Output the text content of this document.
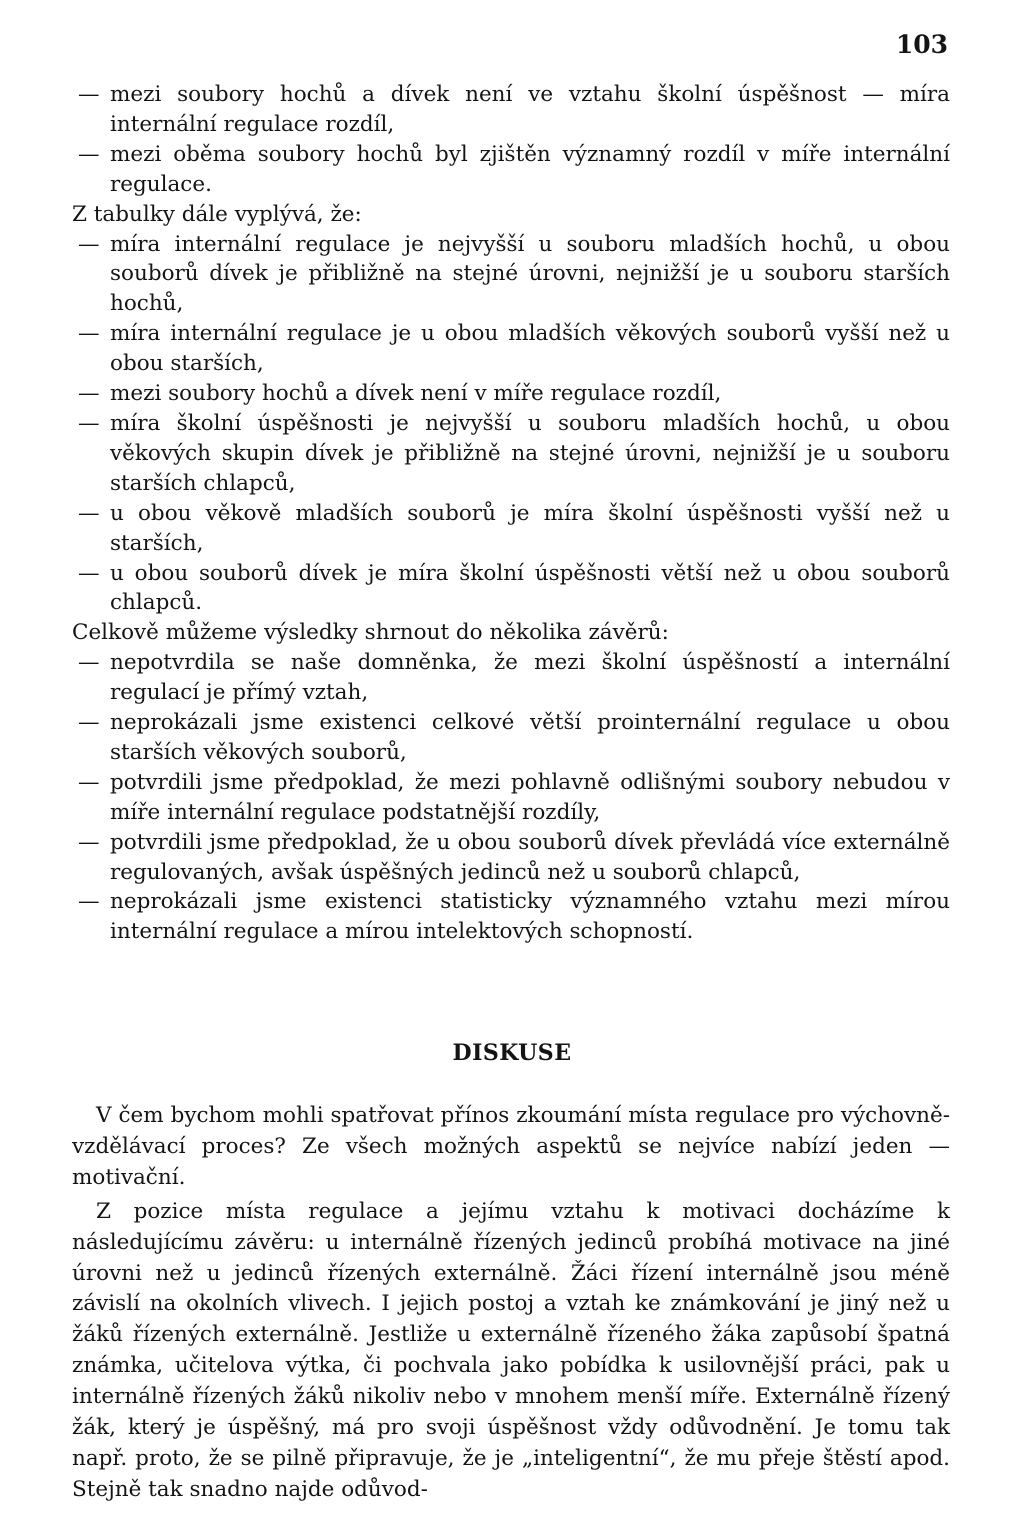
103
— mezi soubory hochů a dívek není ve vztahu školní úspěšnost — míra internální regulace rozdíl,
— mezi oběma soubory hochů byl zjištěn významný rozdíl v míře internální regulace.

Z tabulky dále vyplývá, že:

— míra internální regulace je nejvyšší u souboru mladších hochů, u obou souborů dívek je přibližně na stejné úrovni, nejnižší je u souboru starších hochů,
— míra internální regulace je u obou mladších věkových souborů vyšší než u obou starších,
— mezi soubory hochů a dívek není v míře regulace rozdíl,
— míra školní úspěšnosti je nejvyšší u souboru mladších hochů, u obou věkových skupin dívek je přibližně na stejné úrovni, nejnižší je u souboru starších chlapců,
— u obou věkově mladších souborů je míra školní úspěšnosti vyšší než u starších,
— u obou souborů dívek je míra školní úspěšnosti větší než u obou souborů chlapců.

Celkově můžeme výsledky shrnout do několika závěrů:

— nepotvrdila se naše domněnka, že mezi školní úspěšností a internální regulací je přímý vztah,
— neprokázali jsme existenci celkové větší prointernální regulace u obou starších věkových souborů,
— potvrdili jsme předpoklad, že mezi pohlavně odlišnými soubory nebudou v míře internální regulace podstatnější rozdíly,
— potvrdili jsme předpoklad, že u obou souborů dívek převládá více externálně regulovaných, avšak úspěšných jedinců než u souborů chlapců,
— neprokázali jsme existenci statisticky významného vztahu mezi mírou internální regulace a mírou intelektových schopností.
DISKUSE

V čem bychom mohli spatřovat přínos zkoumání místa regulace pro výchovně-vzdělávací proces? Ze všech možných aspektů se nejvíce nabízí jeden — motivační.

Z pozice místa regulace a jejímu vztahu k motivaci docházíme k následujícímu závěru: u internálně řízených jedinců probíhá motivace na jiné úrovni než u jedinců řízených externálně. Žáci řízení internálně jsou méně závislí na okolních vlivech. I jejich postoj a vztah ke známkování je jiný než u žáků řízených externálně. Jestliže u externálně řízeného žáka zapůsobí špatná známka, učitelova výtka, či pochvala jako pobídka k usilovnější práci, pak u internálně řízených žáků nikoliv nebo v mnohem menší míře. Externálně řízený žák, který je úspěšný, má pro svoji úspěšnost vždy odůvodnění. Je tomu tak např. proto, že se pilně připravuje, že je „inteligentní“, že mu přeje štěstí apod. Stejně tak snadno najde odůvod-
